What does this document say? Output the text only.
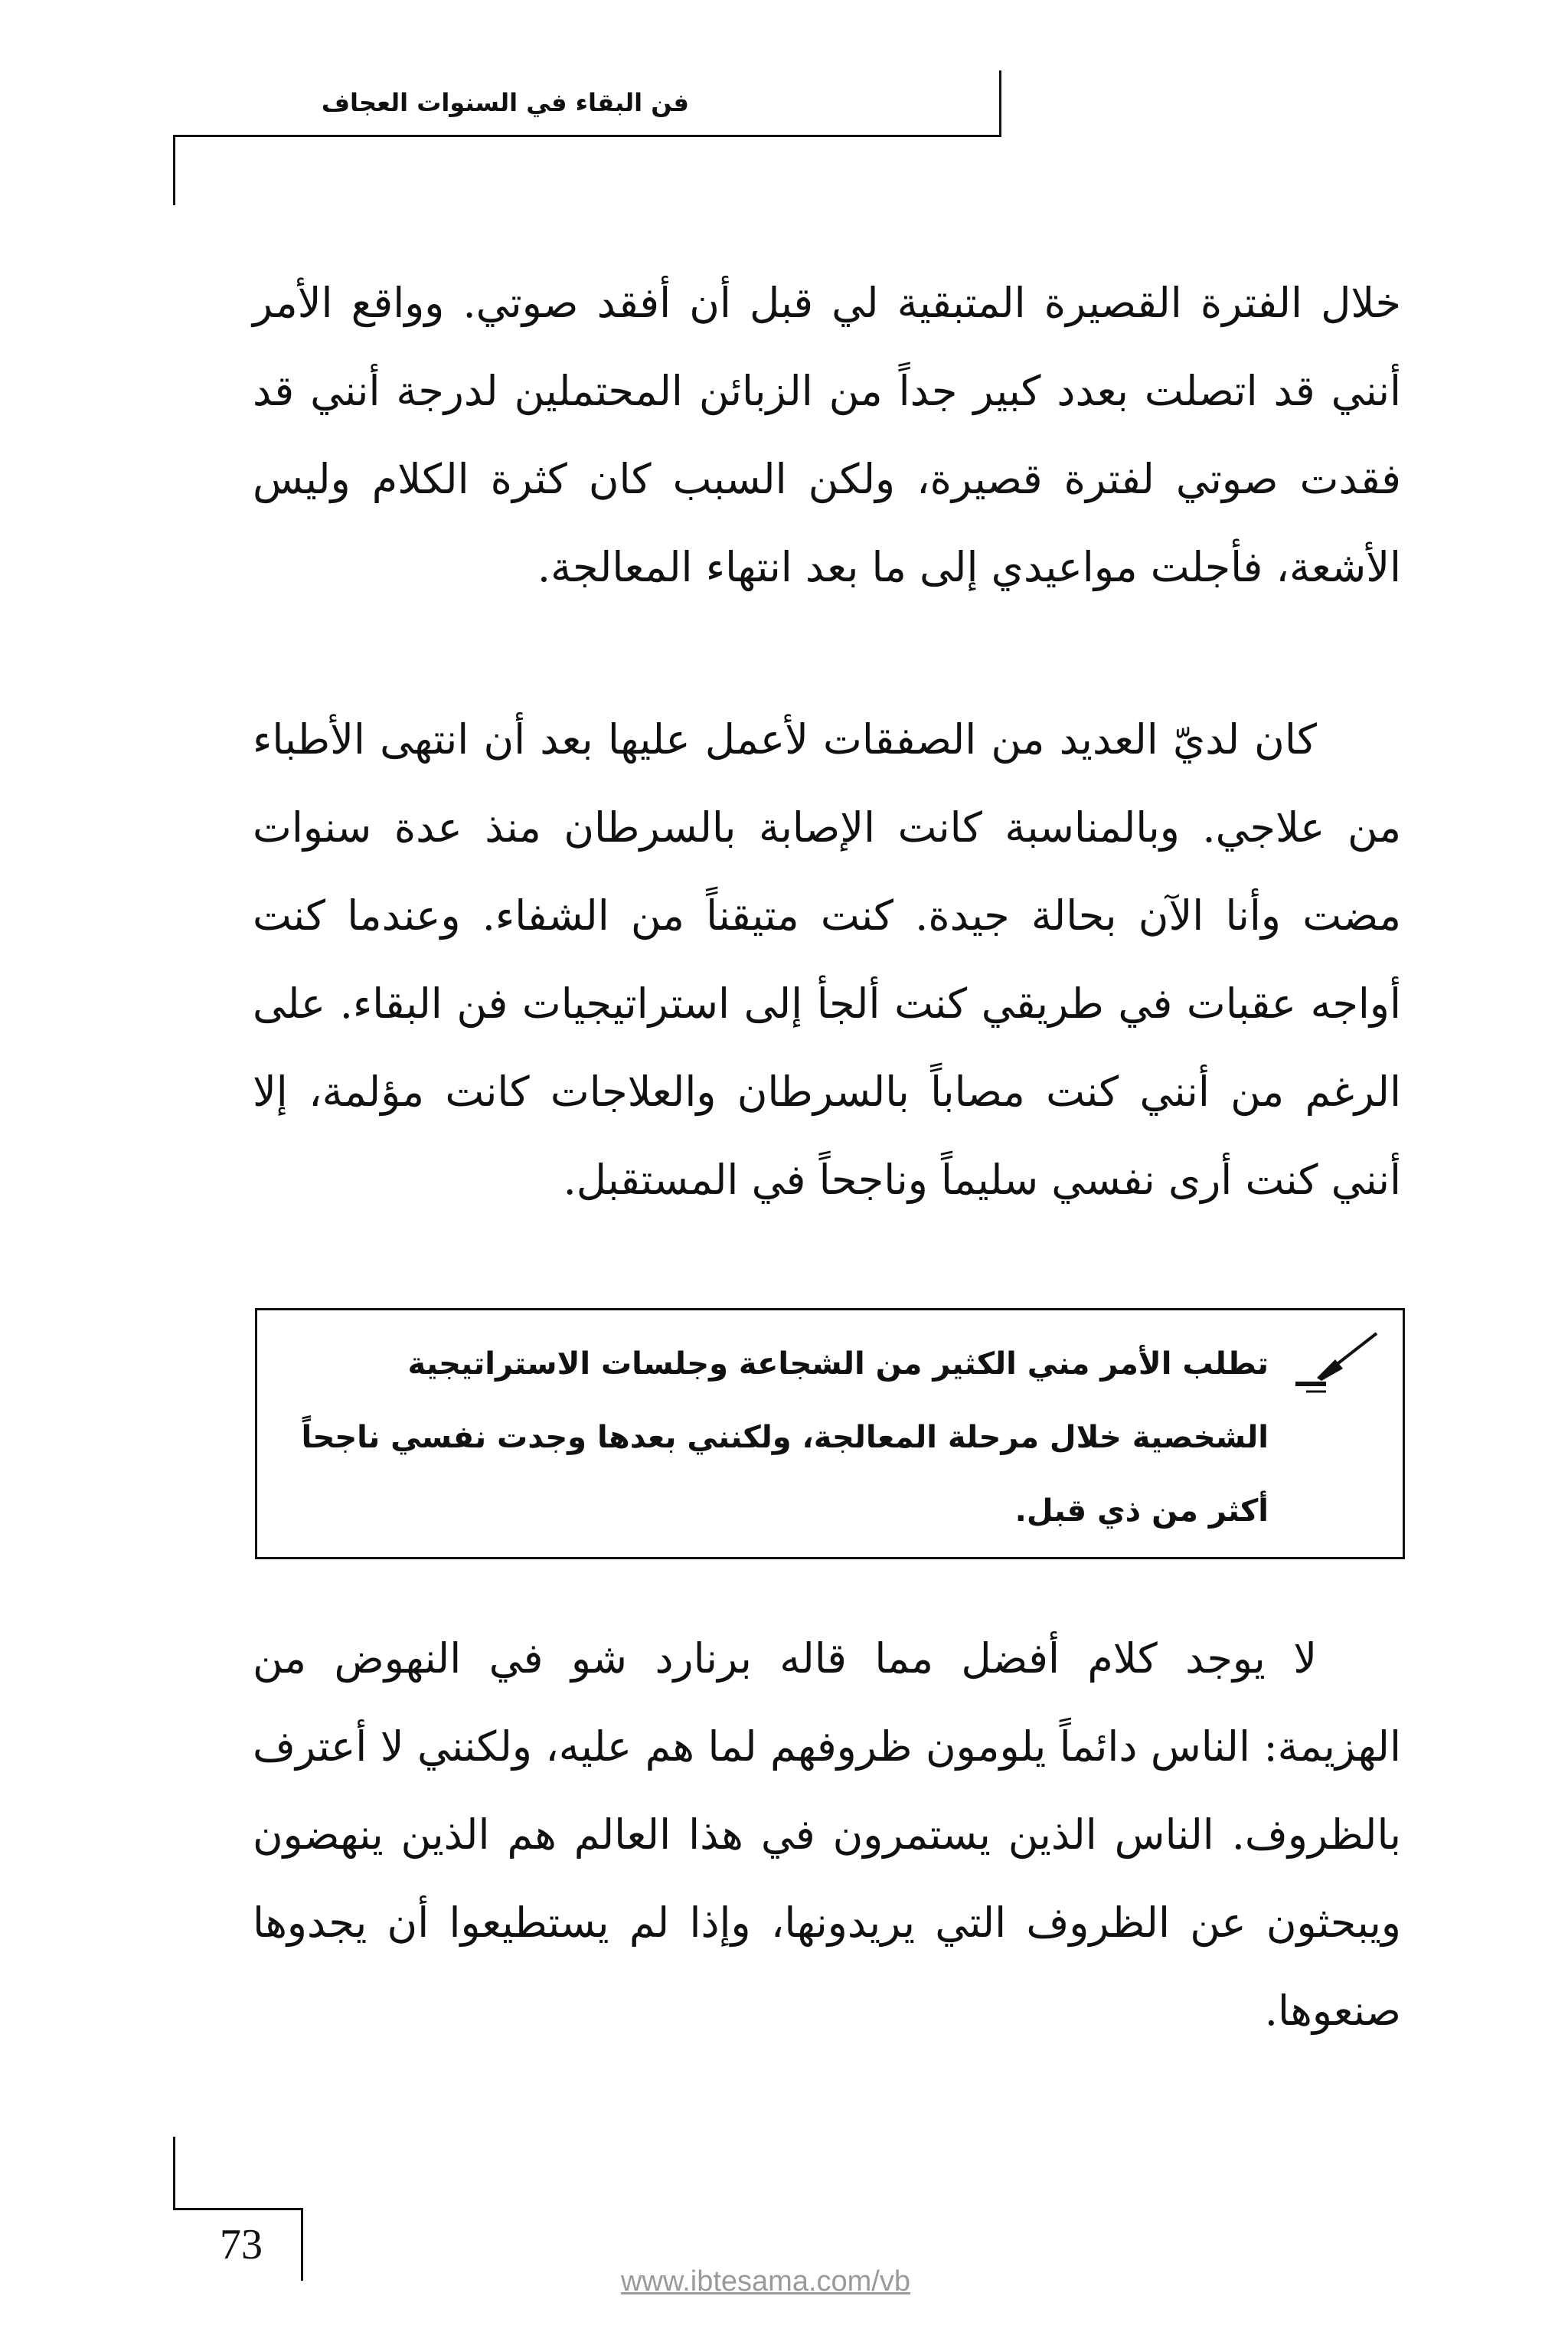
فن البقاء في السنوات العجاف
خلال الفترة القصيرة المتبقية لي قبل أن أفقد صوتي. وواقع الأمر أنني قد اتصلت بعدد كبير جداً من الزبائن المحتملين لدرجة أنني قد فقدت صوتي لفترة قصيرة، ولكن السبب كان كثرة الكلام وليس الأشعة، فأجلت مواعيدي إلى ما بعد انتهاء المعالجة.
كان لديّ العديد من الصفقات لأعمل عليها بعد أن انتهى الأطباء من علاجي. وبالمناسبة كانت الإصابة بالسرطان منذ عدة سنوات مضت وأنا الآن بحالة جيدة. كنت متيقناً من الشفاء. وعندما كنت أواجه عقبات في طريقي كنت ألجأ إلى استراتيجيات فن البقاء. على الرغم من أنني كنت مصاباً بالسرطان والعلاجات كانت مؤلمة، إلا أنني كنت أرى نفسي سليماً وناجحاً في المستقبل.
تطلب الأمر مني الكثير من الشجاعة وجلسات الاستراتيجية الشخصية خلال مرحلة المعالجة، ولكنني بعدها وجدت نفسي ناجحاً أكثر من ذي قبل.
لا يوجد كلام أفضل مما قاله برنارد شو في النهوض من الهزيمة: الناس دائماً يلومون ظروفهم لما هم عليه، ولكنني لا أعترف بالظروف. الناس الذين يستمرون في هذا العالم هم الذين ينهضون ويبحثون عن الظروف التي يريدونها، وإذا لم يستطيعوا أن يجدوها صنعوها.
73
www.ibtesama.com/vb
